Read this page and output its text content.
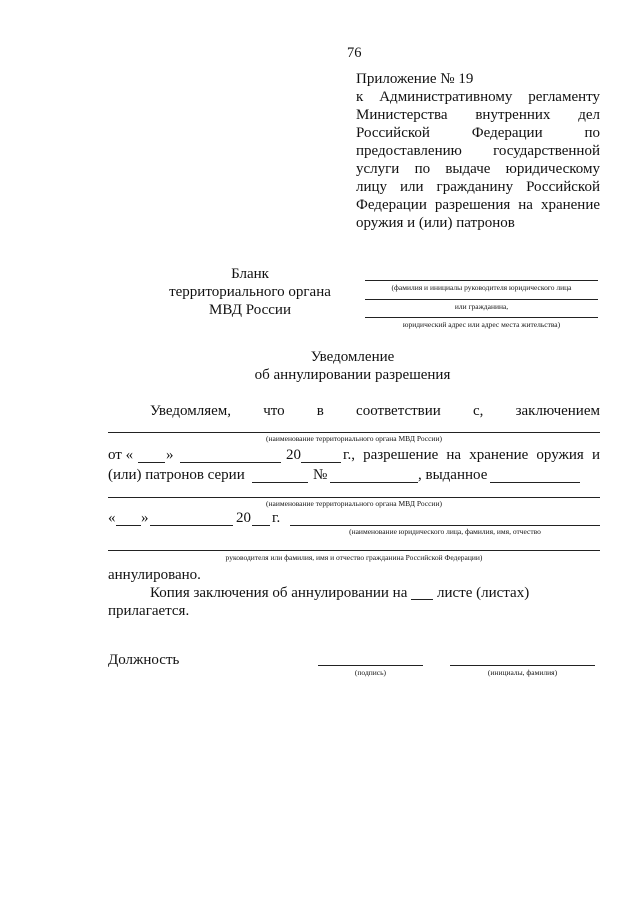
76
Приложение № 19
к Административному регламенту
Министерства внутренних дел
Российской Федерации по
предоставлению государственной
услуги по выдаче юридическому
лицу или гражданину Российской
Федерации разрешения на хранение
оружия и (или) патронов
Бланк
территориального органа
МВД России
(фамилия и инициалы руководителя юридического лица
или гражданина,
юридический адрес или адрес места жительства)
Уведомление
об аннулировании разрешения
Уведомляем, что в соответствии с, заключением
(наименование территориального органа МВД России)
от « »	20	г., разрешение на хранение оружия и
(или) патронов серии	№	, выданное
(наименование территориального органа МВД России)
« »	20 г.
(наименование юридического лица, фамилия, имя, отчество
руководителя или фамилия, имя и отчество гражданина Российской Федерации)
аннулировано.
Копия заключения об аннулировании на листе (листах)
прилагается.
Должность
(подпись)	(инициалы, фамилия)
